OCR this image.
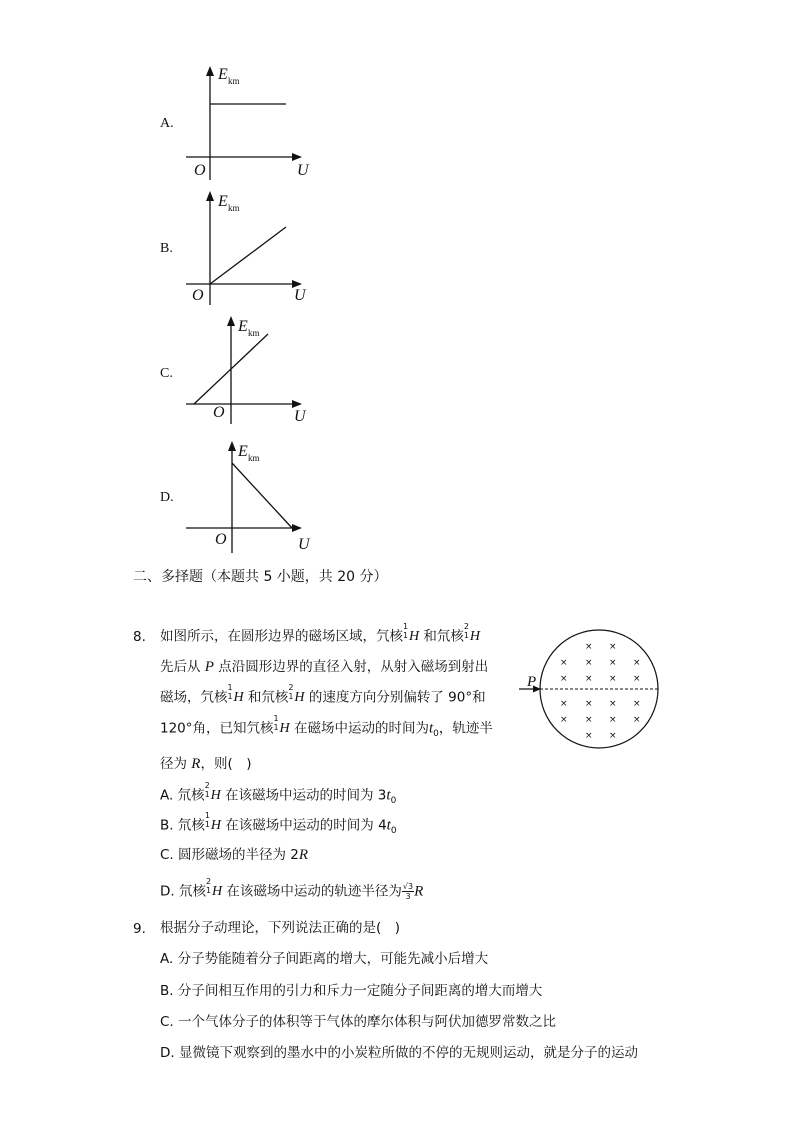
A.
E km
O	U
B.
E km
O	U
C.
E km
O	U
D.
E km
O	U
二、多择题（本题共 5 小题，共 20 分）
8. 如图所示，在圆形边界的磁场区域，氕核
1
1 H 和氘核
2
1 H
先后从 P 点沿圆形边界的直径入射，从射入磁场到射出
磁场，氕核
1
1 H 和氘核
2
1 H 的速度方向分别偏转了 90°和
120°角，已知氕核
1
1 H 在磁场中运动的时间为$t_0$，轨迹半
径为 R，则(　)
P
× ×
× × × ×
× × × ×
× × × ×
× × × ×
× ×
A. 氘核
2
1 H 在该磁场中运动的时间为 $3t_0$
B. 氘核
1
1 H 在该磁场中运动的时间为 $4t_0$
C. 圆形磁场的半径为 2R
D. 氘核
2
1 H 在该磁场中运动的轨迹半径为 $\frac{√3}{3}$ R
9. 根据分子动理论，下列说法正确的是(　)
A. 分子势能随着分子间距离的增大，可能先减小后增大
B. 分子间相互作用的引力和斥力一定随分子间距离的增大而增大
C. 一个气体分子的体积等于气体的摩尔体积与阿伏加德罗常数之比
D. 显微镜下观察到的墨水中的小炭粒所做的不停的无规则运动，就是分子的运动
